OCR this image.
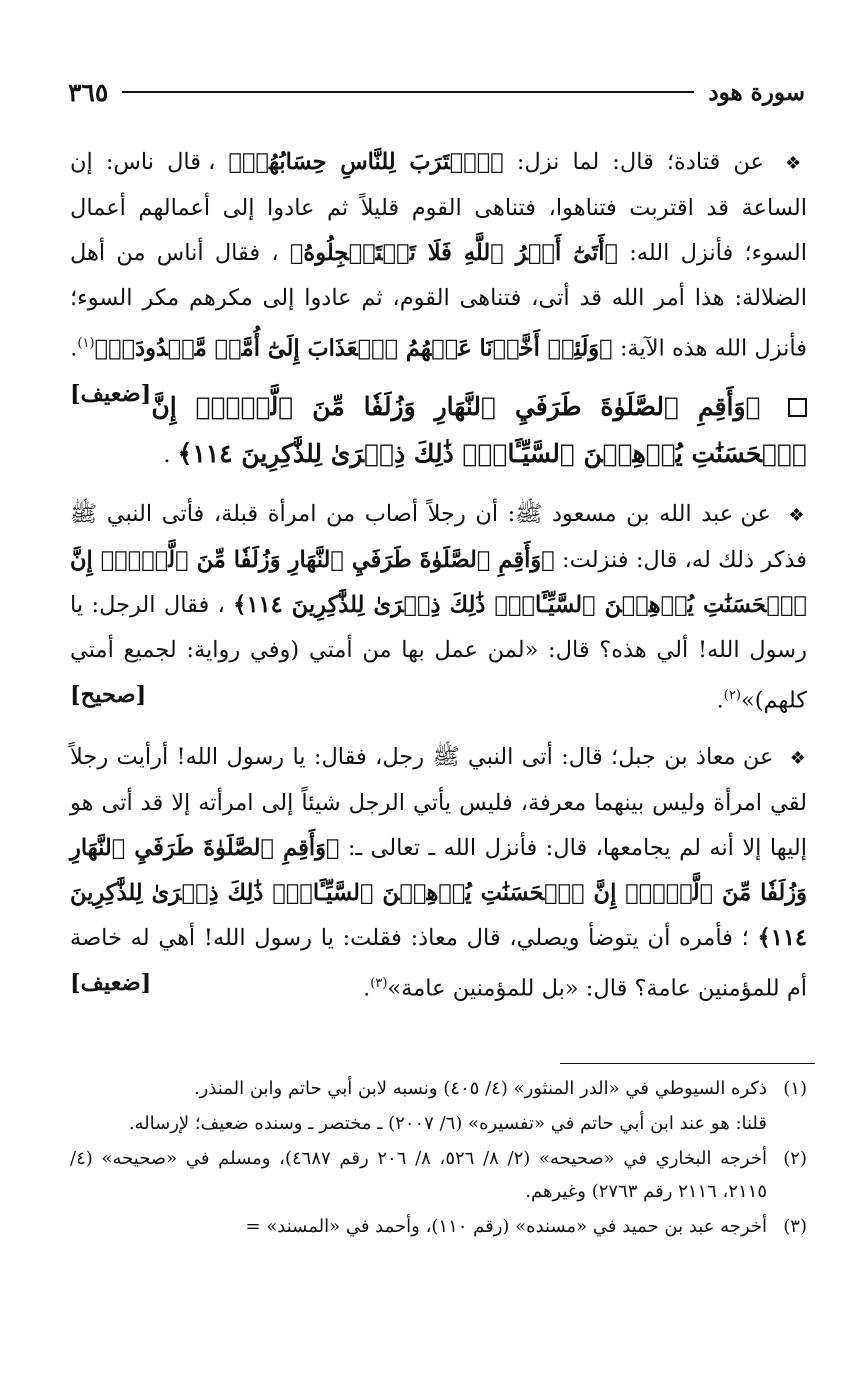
سورة هود
٣٦٥

❖ عن قتادة؛ قال: لما نزل: ﴿ٱقۡتَرَبَ لِلنَّاسِ حِسَابُهُمۡ﴾ ، قال ناس: إن الساعة قد اقتربت فتناهوا، فتناهى القوم قليلاً ثم عادوا إلى أعمالهم أعمال السوء؛ فأنزل الله: ﴿أَتَىٰٓ أَمۡرُ ٱللَّهِ فَلَا تَسۡتَعۡجِلُوهُ﴾ ، فقال أناس من أهل الضلالة: هذا أمر الله قد أتى، فتناهى القوم، ثم عادوا إلى مكرهم مكر السوء؛ فأنزل الله هذه الآية: ﴿وَلَئِنۡ أَخَّرۡنَا عَنۡهُمُ ٱلۡعَذَابَ إِلَىٰٓ أُمَّةٖ مَّعۡدُودَةٖ﴾$^{(١)}$.
[ضعيف] ﴿وَأَقِمِ ٱلصَّلَوٰةَ طَرَفَيِ ٱلنَّهَارِ وَزُلَفٗا مِّنَ ٱلَّيۡلِۚ إِنَّ ٱلۡحَسَنَٰتِ يُذۡهِبۡنَ ٱلسَّيِّـَٔاتِۚ ذَٰلِكَ ذِكۡرَىٰ لِلذَّٰكِرِينَ ١١٤﴾ .

❖ عن عبد الله بن مسعود ﷺ: أن رجلاً أصاب من امرأة قبلة، فأتى النبي ﷺ فذكر ذلك له، قال: فنزلت: ﴿وَأَقِمِ ٱلصَّلَوٰةَ طَرَفَيِ ٱلنَّهَارِ وَزُلَفٗا مِّنَ ٱلَّيۡلِۚ إِنَّ ٱلۡحَسَنَٰتِ يُذۡهِبۡنَ ٱلسَّيِّـَٔاتِۚ ذَٰلِكَ ذِكۡرَىٰ لِلذَّٰكِرِينَ ١١٤﴾ ، فقال الرجل: يا رسول الله! ألي هذه؟ قال: «لمن عمل بها من أمتي (وفي رواية: لجميع أمتي كلهم)»$^{(٢)}$.
[صحيح]

❖ عن معاذ بن جبل؛ قال: أتى النبي ﷺ رجل، فقال: يا رسول الله! أرأيت رجلاً لقي امرأة وليس بينهما معرفة، فليس يأتي الرجل شيئاً إلى امرأته إلا قد أتى هو إليها إلا أنه لم يجامعها، قال: فأنزل الله ـ تعالى ـ: ﴿وَأَقِمِ ٱلصَّلَوٰةَ طَرَفَيِ ٱلنَّهَارِ وَزُلَفٗا مِّنَ ٱلَّيۡلِۚ إِنَّ ٱلۡحَسَنَٰتِ يُذۡهِبۡنَ ٱلسَّيِّـَٔاتِۚ ذَٰلِكَ ذِكۡرَىٰ لِلذَّٰكِرِينَ ١١٤﴾ ؛ فأمره أن يتوضأ ويصلي، قال معاذ: فقلت: يا رسول الله! أهي له خاصة أم للمؤمنين عامة؟ قال: «بل للمؤمنين عامة»$^{(٣)}$.
[ضعيف]

(١)
ذكره السيوطي في «الدر المنثور» (٤/ ٤٠٥) ونسبه لابن أبي حاتم وابن المنذر.
قلنا: هو عند ابن أبي حاتم في «تفسيره» (٦/ ٢٠٠٧) ـ مختصر ـ وسنده ضعيف؛ لإرساله.
(٢)
أخرجه البخاري في «صحيحه» (٢/ ٨/ ٥٢٦، ٨/ ٢٠٦ رقم ٤٦٨٧)، ومسلم في «صحيحه» (٤/ ٢١١٥، ٢١١٦ رقم ٢٧٦٣) وغيرهم.
(٣)
أخرجه عبد بن حميد في «مسنده» (رقم ١١٠)، وأحمد في «المسند» =
